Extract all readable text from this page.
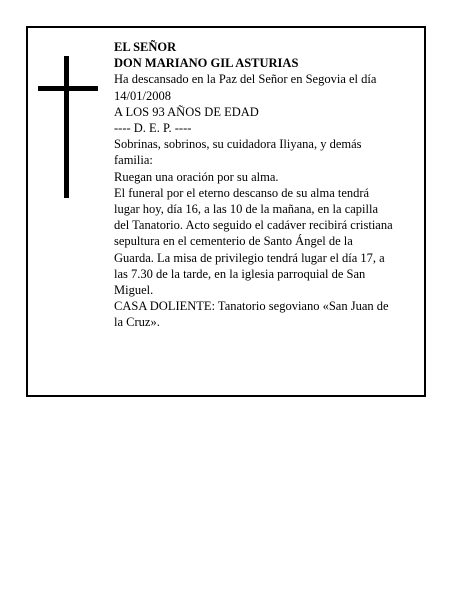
EL SEÑOR
DON MARIANO GIL ASTURIAS
Ha descansado en la Paz del Señor en Segovia el día
14/01/2008
A LOS 93 AÑOS DE EDAD
---- D. E. P. ----
Sobrinas, sobrinos, su cuidadora Iliyana, y demás
familia:
Ruegan una oración por su alma.
El funeral por el eterno descanso de su alma tendrá
lugar hoy, día 16, a las 10 de la mañana, en la capilla
del Tanatorio. Acto seguido el cadáver recibirá cristiana
sepultura en el cementerio de Santo Ángel de la
Guarda. La misa de privilegio tendrá lugar el día 17, a
las 7.30 de la tarde, en la iglesia parroquial de San
Miguel.
CASA DOLIENTE: Tanatorio segoviano «San Juan de
la Cruz».
